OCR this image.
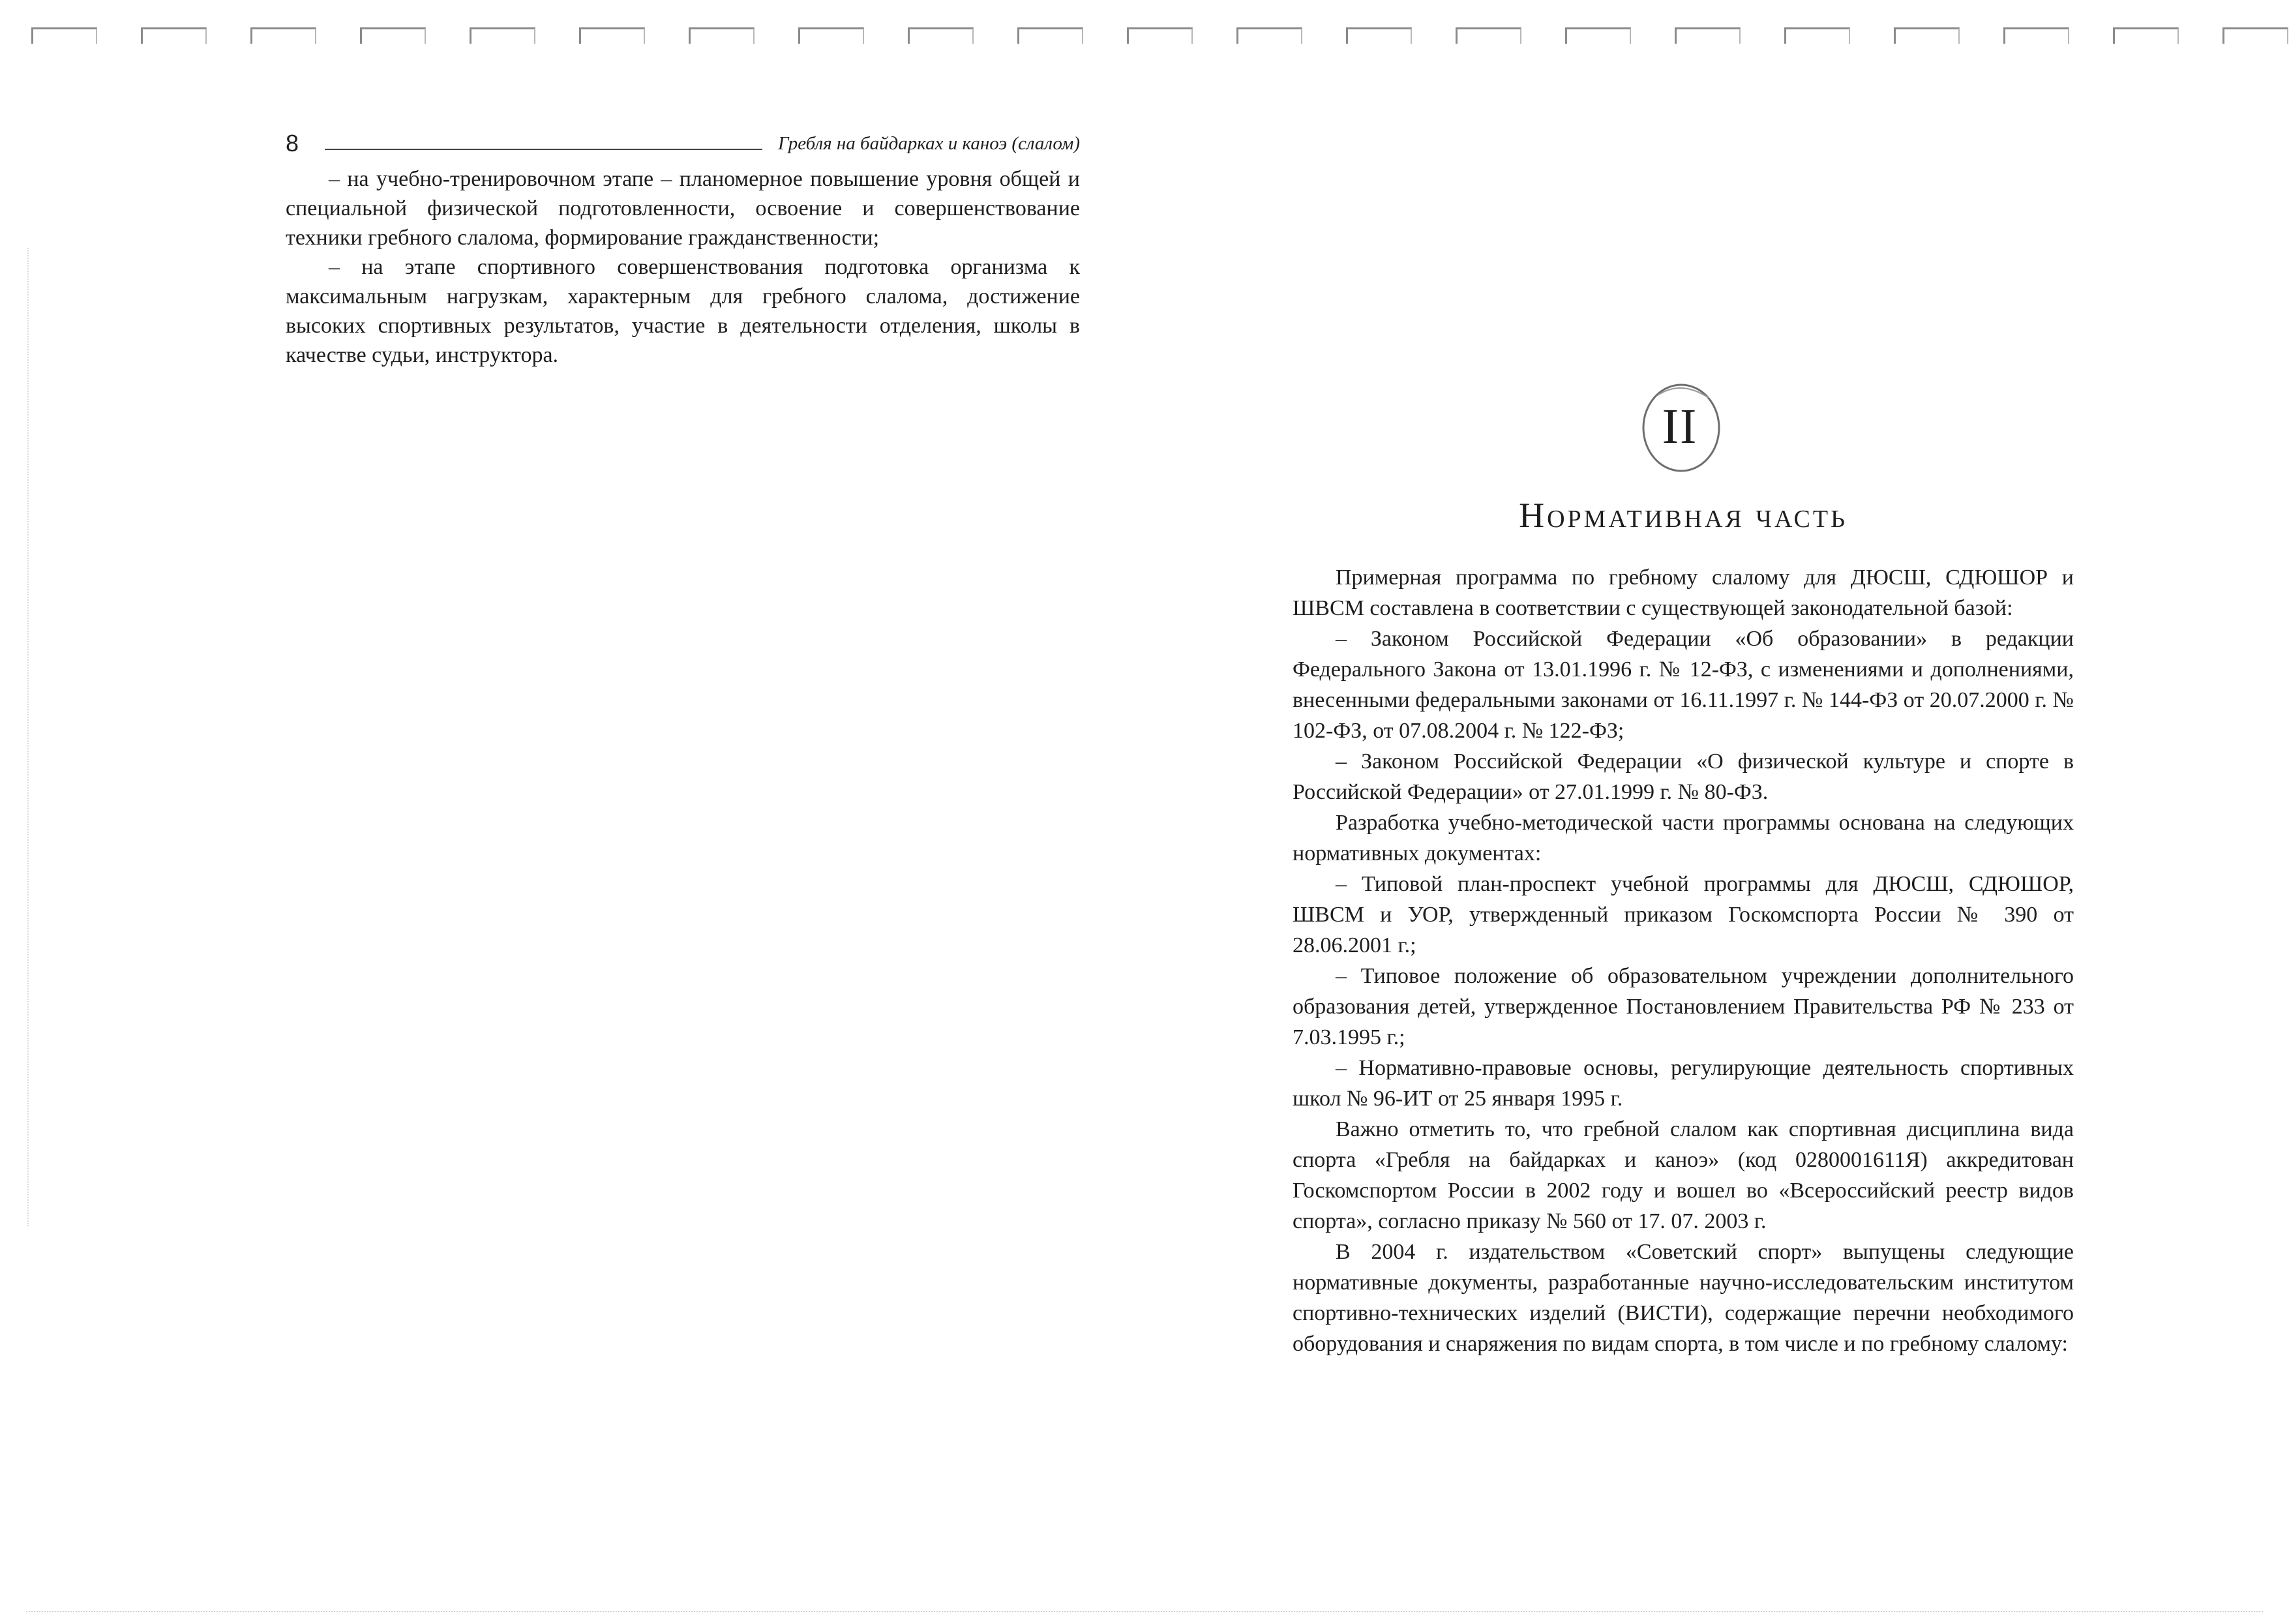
8	Гребля на байдарках и каноэ (слалом)

– на учебно-тренировочном этапе – планомерное повышение уровня общей и специальной физической подготовленности, освоение и совершенствование техники гребного слалома, формирование гражданственности;

– на этапе спортивного совершенствования подготовка организма к максимальным нагрузкам, характерным для гребного слалома, достижение высоких спортивных результатов, участие в деятельности отделения, школы в качестве судьи, инструктора.

II
Нормативная часть

Примерная программа по гребному слалому для ДЮСШ, СДЮШОР и ШВСМ составлена в соответствии с существующей законодательной базой:

– Законом Российской Федерации «Об образовании» в редакции Федерального Закона от 13.01.1996 г. № 12-ФЗ, с изменениями и дополнениями, внесенными федеральными законами от 16.11.1997 г. № 144-ФЗ от 20.07.2000 г. № 102-ФЗ, от 07.08.2004 г. № 122-ФЗ;

– Законом Российской Федерации «О физической культуре и спорте в Российской Федерации» от 27.01.1999 г. № 80-ФЗ.

Разработка учебно-методической части программы основана на следующих нормативных документах:

– Типовой план-проспект учебной программы для ДЮСШ, СДЮШОР, ШВСМ и УОР, утвержденный приказом Госкомспорта России № 390 от 28.06.2001 г.;

– Типовое положение об образовательном учреждении дополнительного образования детей, утвержденное Постановлением Правительства РФ № 233 от 7.03.1995 г.;

– Нормативно-правовые основы, регулирующие деятельность спортивных школ № 96-ИТ от 25 января 1995 г.

Важно отметить то, что гребной слалом как спортивная дисциплина вида спорта «Гребля на байдарках и каноэ» (код 0280001611Я) аккредитован Госкомспортом России в 2002 году и вошел во «Всероссийский реестр видов спорта», согласно приказу № 560 от 17. 07. 2003 г.

В 2004 г. издательством «Советский спорт» выпущены следующие нормативные документы, разработанные научно-исследовательским институтом спортивно-технических изделий (ВИСТИ), содержащие перечни необходимого оборудования и снаряжения по видам спорта, в том числе и по гребному слалому:
